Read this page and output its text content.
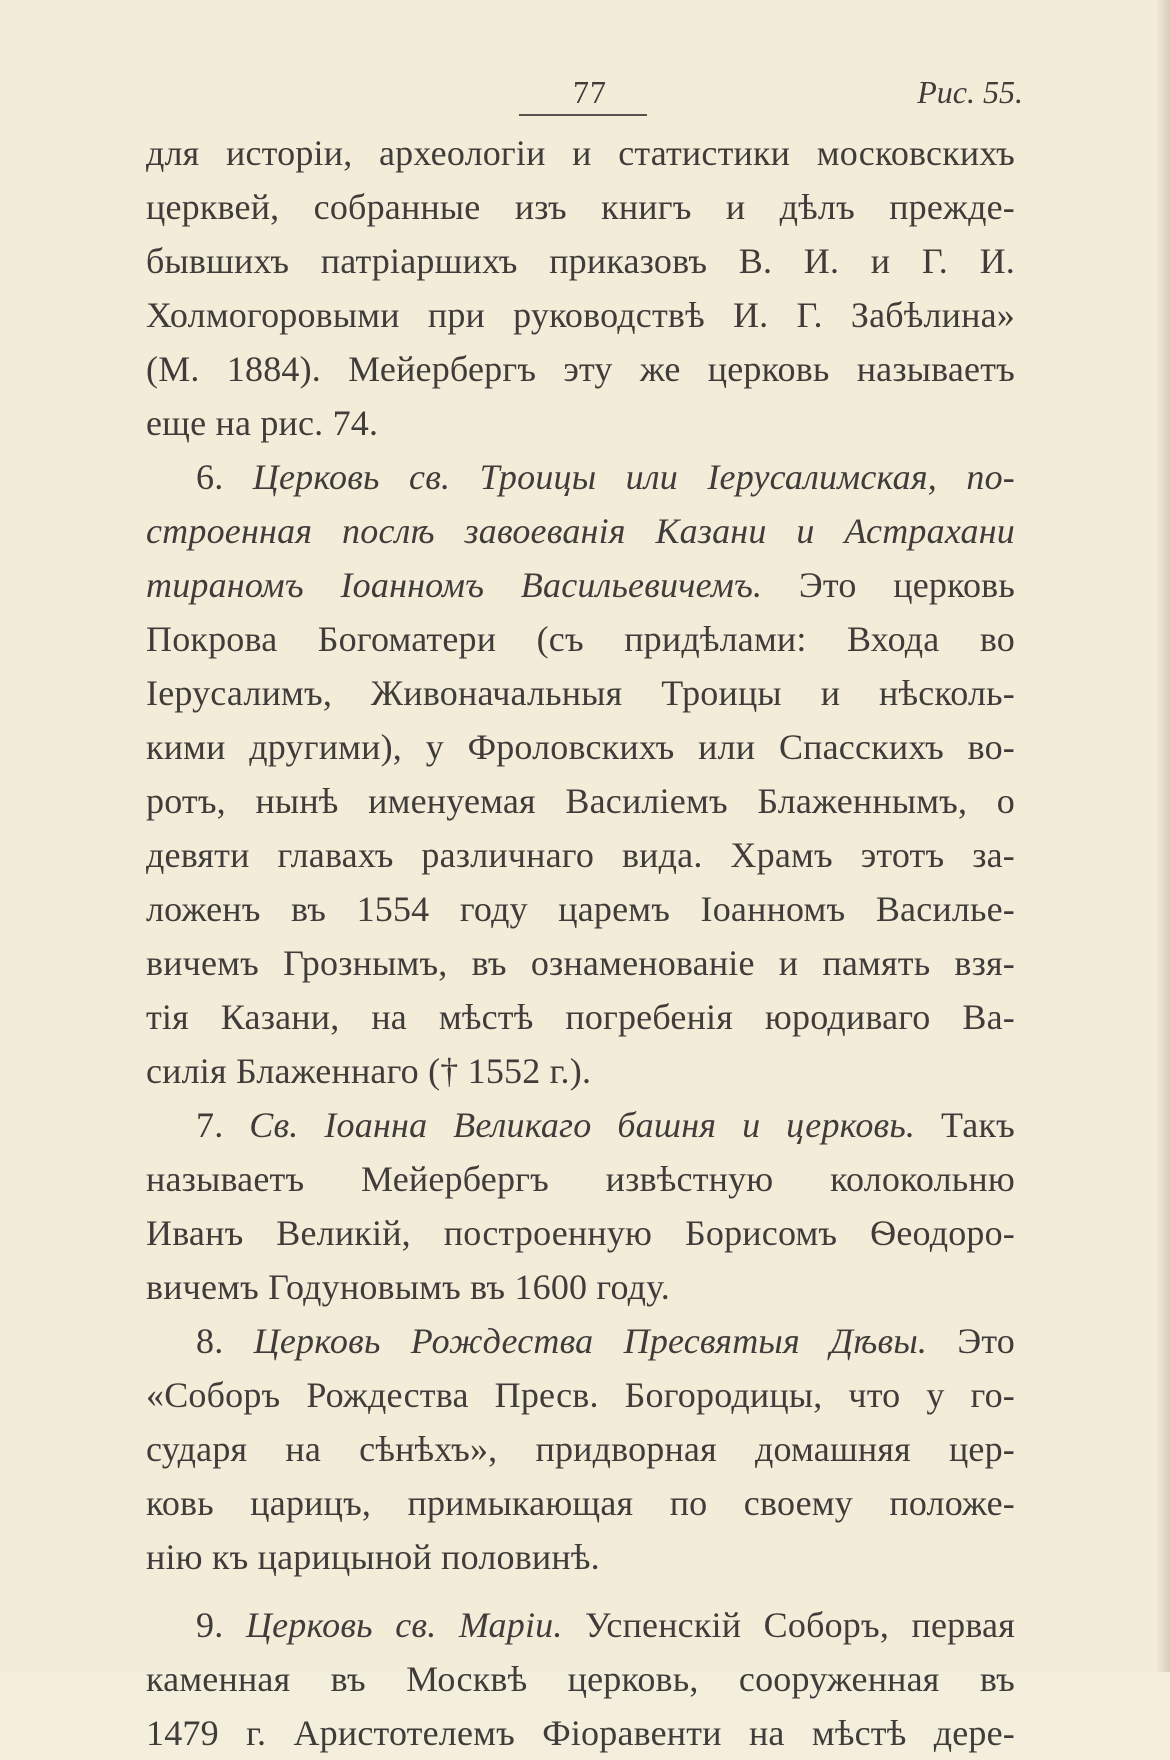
77	Рис. 55.
для исторіи, археологіи и статистики московскихъ
церквей, собранные изъ книгъ и дѣлъ прежде-
бывшихъ патріаршихъ приказовъ В. И. и Г. И.
Холмогоровыми при руководствѣ И. Г. Забѣлина»
(М. 1884). Мейербергъ эту же церковь называетъ
еще на рис. 74.
6. Церковь св. Троицы или Іерусалимская, по-
строенная послѣ завоеванія Казани и Астрахани
тираномъ Іоанномъ Васильевичемъ. Это церковь
Покрова Богоматери (съ придѣлами: Входа во
Іерусалимъ, Живоначальныя Троицы и нѣсколь-
кими другими), у Фроловскихъ или Спасскихъ во-
ротъ, нынѣ именуемая Василіемъ Блаженнымъ, о
девяти главахъ различнаго вида. Храмъ этотъ за-
ложенъ въ 1554 году царемъ Іоанномъ Василье-
вичемъ Грознымъ, въ ознаменованіе и память взя-
тія Казани, на мѣстѣ погребенія юродиваго Ва-
силія Блаженнаго († 1552 г.).
7. Св. Іоанна Великаго башня и церковь. Такъ
называетъ Мейербергъ извѣстную колокольню
Иванъ Великій, построенную Борисомъ Ѳеодоро-
вичемъ Годуновымъ въ 1600 году.
8. Церковь Рождества Пресвятыя Дѣвы. Это
«Соборъ Рождества Пресв. Богородицы, что у го-
сударя на сѣнѣхъ», придворная домашняя цер-
ковь царицъ, примыкающая по своему положе-
нію къ царицыной половинѣ.
9. Церковь св. Маріи. Успенскій Соборъ, первая
каменная въ Москвѣ церковь, сооруженная въ
1479 г. Аристотелемъ Фіоравенти на мѣстѣ дере-
